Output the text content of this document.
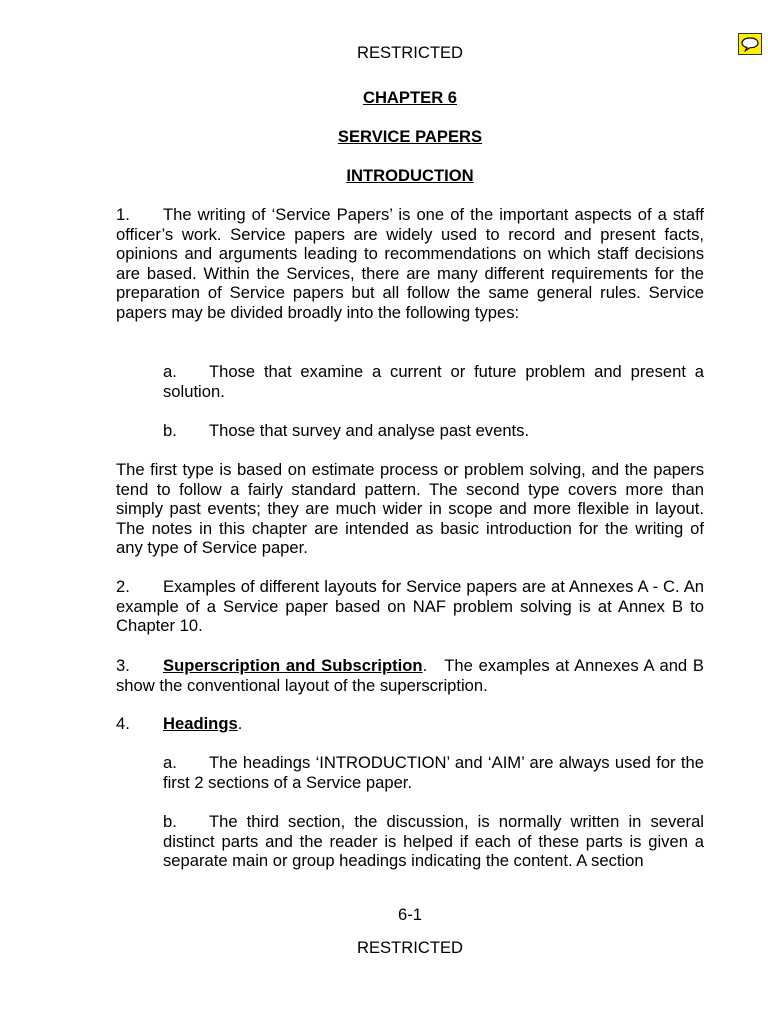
RESTRICTED
CHAPTER 6
SERVICE PAPERS
INTRODUCTION
1. The writing of ‘Service Papers’ is one of the important aspects of a staff officer’s work. Service papers are widely used to record and present facts, opinions and arguments leading to recommendations on which staff decisions are based. Within the Services, there are many different requirements for the preparation of Service papers but all follow the same general rules. Service papers may be divided broadly into the following types:
a. Those that examine a current or future problem and present a solution.
b. Those that survey and analyse past events.
The first type is based on estimate process or problem solving, and the papers tend to follow a fairly standard pattern. The second type covers more than simply past events; they are much wider in scope and more flexible in layout. The notes in this chapter are intended as basic introduction for the writing of any type of Service paper.
2. Examples of different layouts for Service papers are at Annexes A - C. An example of a Service paper based on NAF problem solving is at Annex B to Chapter 10.
3. Superscription and Subscription.   The examples at Annexes A and B show the conventional layout of the superscription.
4. Headings.
a. The headings ‘INTRODUCTION’ and ‘AIM’ are always used for the first 2 sections of a Service paper.
b. The third section, the discussion, is normally written in several distinct parts and the reader is helped if each of these parts is given a separate main or group headings indicating the content. A section
6-1
RESTRICTED
